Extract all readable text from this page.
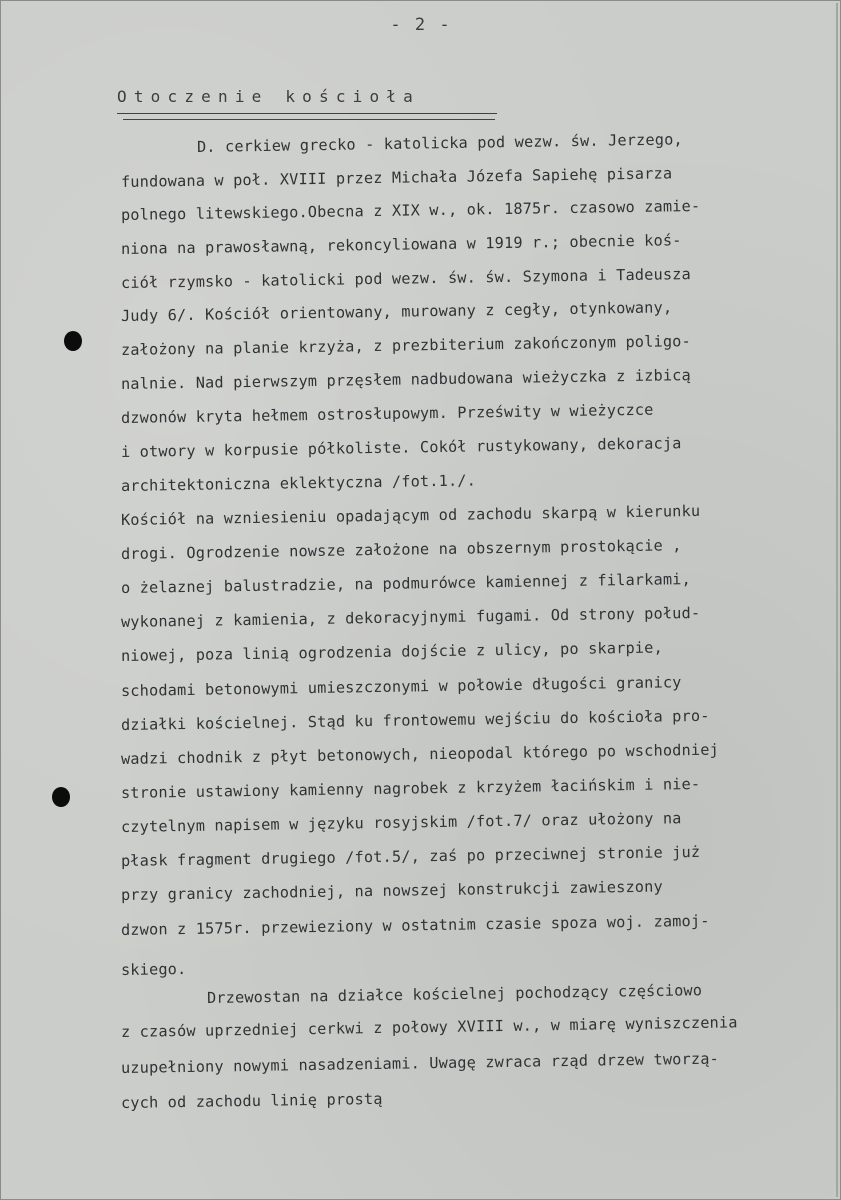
- 2 -
Otoczenie kościoła
D. cerkiew grecko - katolicka pod wezw. św. Jerzego,
fundowana w poł. XVIII przez Michała Józefa Sapiehę pisarza
polnego litewskiego.Obecna z XIX w., ok. 1875r. czasowo zamie-
niona na prawosławną, rekoncyliowana w 1919 r.; obecnie koś-
ciół rzymsko - katolicki pod wezw. św. św. Szymona i Tadeusza
Judy 6/. Kościół orientowany, murowany z cegły, otynkowany,
założony na planie krzyża, z prezbiterium zakończonym poligo-
nalnie. Nad pierwszym przęsłem nadbudowana wieżyczka z izbicą
dzwonów kryta hełmem ostrosłupowym. Prześwity w wieżyczce
i otwory w korpusie półkoliste. Cokół rustykowany, dekoracja
architektoniczna eklektyczna /fot.1./.
Kościół na wzniesieniu opadającym od zachodu skarpą w kierunku
drogi. Ogrodzenie nowsze założone na obszernym prostokącie ,
o żelaznej balustradzie, na podmurówce kamiennej z filarkami,
wykonanej z kamienia, z dekoracyjnymi fugami. Od strony połud-
niowej, poza linią ogrodzenia dojście z ulicy, po skarpie,
schodami betonowymi umieszczonymi w połowie długości granicy
działki kościelnej. Stąd ku frontowemu wejściu do kościoła pro-
wadzi chodnik z płyt betonowych, nieopodal którego po wschodniej
stronie ustawiony kamienny nagrobek z krzyżem łacińskim i nie-
czytelnym napisem w języku rosyjskim /fot.7/ oraz ułożony na
płask fragment drugiego /fot.5/, zaś po przeciwnej stronie już
przy granicy zachodniej, na nowszej konstrukcji zawieszony
dzwon z 1575r. przewieziony w ostatnim czasie spoza woj. zamoj-
skiego.
Drzewostan na działce kościelnej pochodzący częściowo
z czasów uprzedniej cerkwi z połowy XVIII w., w miarę wyniszczenia
uzupełniony nowymi nasadzeniami. Uwagę zwraca rząd drzew tworzą-
cych od zachodu linię prostą
